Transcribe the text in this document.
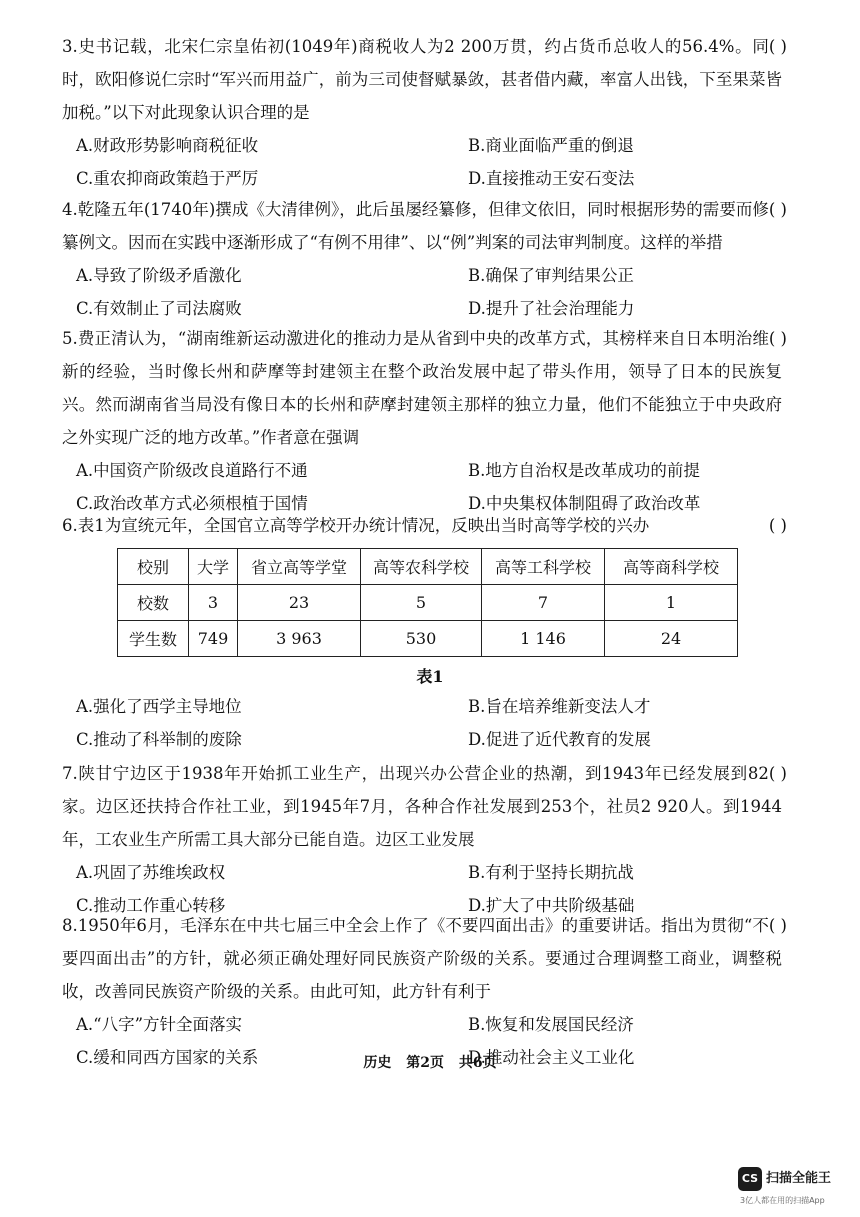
( )
3.史书记载，北宋仁宗皇佑初(1049年)商税收人为2 200万贯，约占货币总收人的56.4%。同时，欧阳修说仁宗时“军兴而用益广，前为三司使督赋暴敛，甚者借内藏，率富人出钱，下至果菜皆加税。”以下对此现象认识合理的是
A.财政形势影响商税征收	B.商业面临严重的倒退
C.重农抑商政策趋于严厉	D.直接推动王安石变法
( )
4.乾隆五年(1740年)撰成《大清律例》，此后虽屡经纂修，但律文依旧，同时根据形势的需要而修纂例文。因而在实践中逐渐形成了“有例不用律”、以“例”判案的司法审判制度。这样的举措
A.导致了阶级矛盾激化	B.确保了审判结果公正
C.有效制止了司法腐败	D.提升了社会治理能力
( )
5.费正清认为，“湖南维新运动激进化的推动力是从省到中央的改革方式，其榜样来自日本明治维新的经验，当时像长州和萨摩等封建领主在整个政治发展中起了带头作用，领导了日本的民族复兴。然而湖南省当局没有像日本的长州和萨摩封建领主那样的独立力量，他们不能独立于中央政府之外实现广泛的地方改革。”作者意在强调
A.中国资产阶级改良道路行不通	B.地方自治权是改革成功的前提
C.政治改革方式必须根植于国情	D.中央集权体制阻碍了政治改革
( )
6.表1为宣统元年，全国官立高等学校开办统计情况，反映出当时高等学校的兴办
校别	大学	省立高等学堂	高等农科学校	高等工科学校	高等商科学校
校数	3	23	5	7	1
学生数	749	3 963	530	1 146	24
表1
A.强化了西学主导地位	B.旨在培养维新变法人才
C.推动了科举制的废除	D.促进了近代教育的发展
( )
7.陕甘宁边区于1938年开始抓工业生产，出现兴办公营企业的热潮，到1943年已经发展到82家。边区还扶持合作社工业，到1945年7月，各种合作社发展到253个，社员2 920人。到1944年，工农业生产所需工具大部分已能自造。边区工业发展
A.巩固了苏维埃政权	B.有利于坚持长期抗战
C.推动工作重心转移	D.扩大了中共阶级基础
( )
8.1950年6月，毛泽东在中共七届三中全会上作了《不要四面出击》的重要讲话。指出为贯彻“不要四面出击”的方针，就必须正确处理好同民族资产阶级的关系。要通过合理调整工商业，调整税收，改善同民族资产阶级的关系。由此可知，此方针有利于
A.“八字”方针全面落实	B.恢复和发展国民经济
C.缓和同西方国家的关系	D.推动社会主义工业化
历史 第2页 共6页
CS 扫描全能王
3亿人都在用的扫描App
